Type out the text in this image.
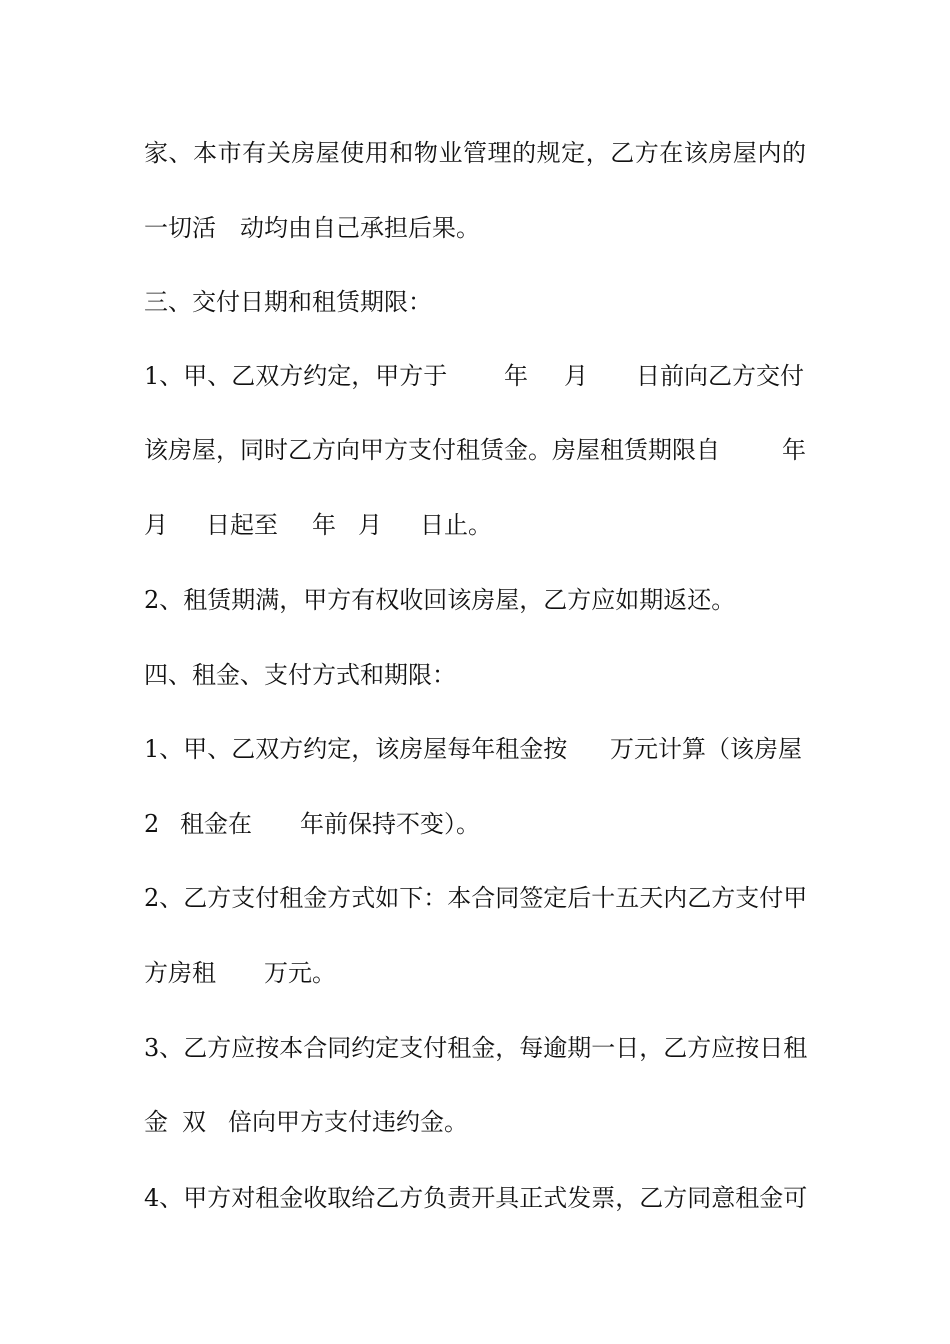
家、本市有关房屋使用和物业管理的规定，乙方在该房屋内的
一切活 动均由自己承担后果。
三、交付日期和租赁期限：
1、甲、乙双方约定，甲方于 年 月 日前向乙方交付
该房屋，同时乙方向甲方支付租赁金。房屋租赁期限自	年
月 日起至 年 月 日止。
2、租赁期满，甲方有权收回该房屋，乙方应如期返还。
四、租金、支付方式和期限：
1、甲、乙双方约定，该房屋每年租金按 万元计算（该房屋
2 租金在 年前保持不变）。
2、乙方支付租金方式如下：本合同签定后十五天内乙方支付甲
方房租 万元。
3、乙方应按本合同约定支付租金，每逾期一日，乙方应按日租
金 双 倍向甲方支付违约金。
4、甲方对租金收取给乙方负责开具正式发票，乙方同意租金可
